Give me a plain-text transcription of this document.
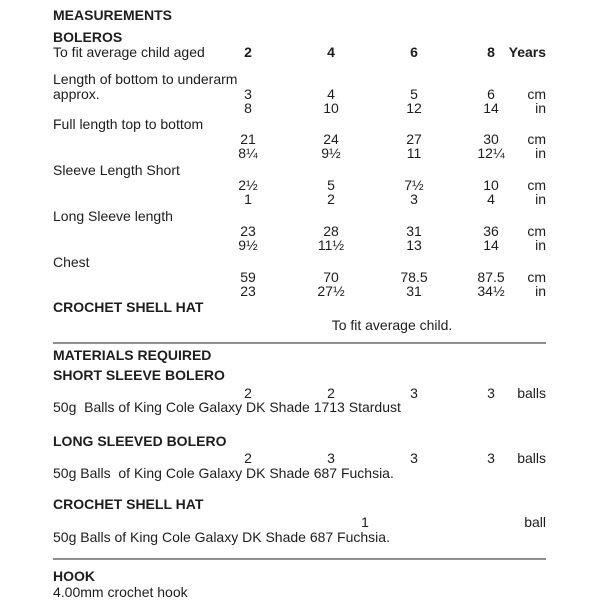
MEASUREMENTS
BOLEROS
To fit average child aged	2	4	6	8 Years
Length of bottom to underarm
approx.	3	4	5	6	cm
8	10	12	14	in
Full length top to bottom
21	24	27	30	cm
8¼	9½	11	12¼	in
Sleeve Length Short
2½	5	7½	10	cm
1	2	3	4	in
Long Sleeve length
23	28	31	36	cm
9½	11½	13	14	in
Chest
59	70	78.5	87.5	cm
23	27½	31	34½	in
CROCHET SHELL HAT
To fit average child.
MATERIALS REQUIRED
SHORT SLEEVE BOLERO
2	2	3	3	balls
50g  Balls of King Cole Galaxy DK Shade 1713 Stardust
LONG SLEEVED BOLERO
2	3	3	3	balls
50g Balls  of King Cole Galaxy DK Shade 687 Fuchsia.
CROCHET SHELL HAT
1	ball
50g Balls of King Cole Galaxy DK Shade 687 Fuchsia.
HOOK
4.00mm crochet hook
